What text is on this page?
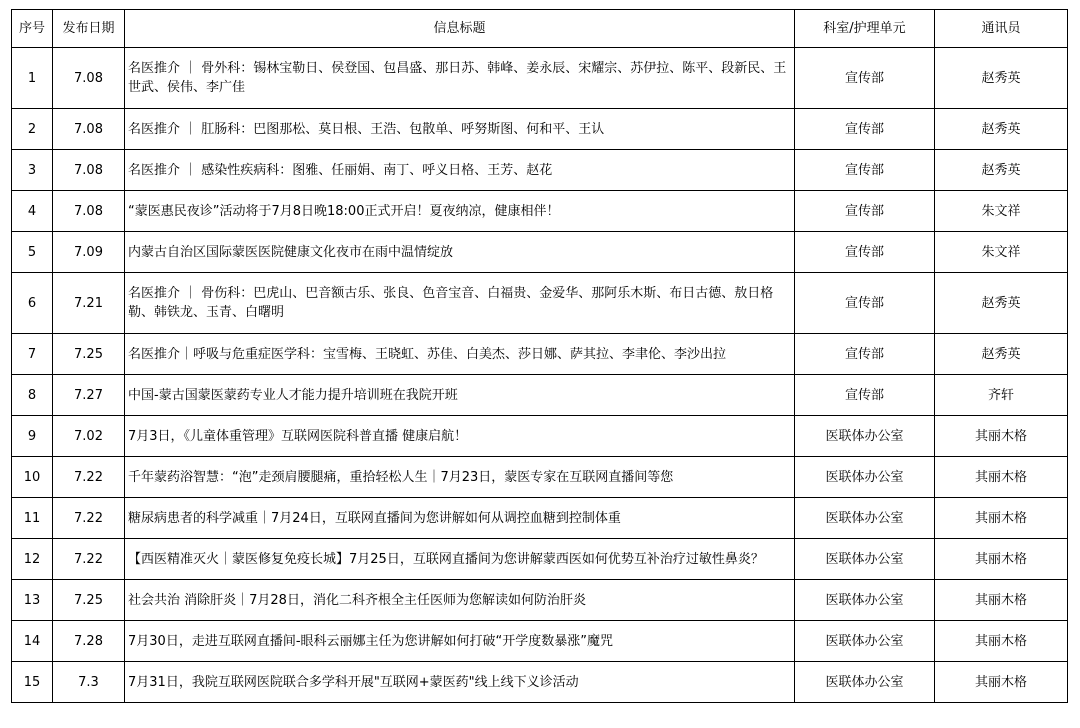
序号	发布日期	信息标题	科室/护理单元	通讯员
1	7.08	名医推介 ｜ 骨外科：锡林宝勒日、侯登国、包昌盛、那日苏、韩峰、姜永辰、宋耀宗、苏伊拉、陈平、段新民、王世武、侯伟、李广佳	宣传部	赵秀英
2	7.08	名医推介 ｜ 肛肠科：巴图那松、莫日根、王浩、包散单、呼努斯图、何和平、王认	宣传部	赵秀英
3	7.08	名医推介 ｜ 感染性疾病科：图雅、任丽娟、南丁、呼义日格、王芳、赵花	宣传部	赵秀英
4	7.08	“蒙医惠民夜诊”活动将于7月8日晚18:00正式开启！夏夜纳凉，健康相伴！	宣传部	朱文祥
5	7.09	内蒙古自治区国际蒙医医院健康文化夜市在雨中温情绽放	宣传部	朱文祥
6	7.21	名医推介 ｜ 骨伤科：巴虎山、巴音额古乐、张良、色音宝音、白福贵、金爱华、那阿乐木斯、布日古德、敖日格勒、韩铁龙、玉青、白曙明	宣传部	赵秀英
7	7.25	名医推介｜呼吸与危重症医学科：宝雪梅、王晓虹、苏佳、白美杰、莎日娜、萨其拉、李聿伦、李沙出拉	宣传部	赵秀英
8	7.27	中国-蒙古国蒙医蒙药专业人才能力提升培训班在我院开班	宣传部	齐轩
9	7.02	7月3日，《儿童体重管理》互联网医院科普直播 健康启航！	医联体办公室	其丽木格
10	7.22	千年蒙药浴智慧：“泡”走颈肩腰腿痛，重拾轻松人生｜7月23日，蒙医专家在互联网直播间等您	医联体办公室	其丽木格
11	7.22	糖尿病患者的科学减重｜7月24日，互联网直播间为您讲解如何从调控血糖到控制体重	医联体办公室	其丽木格
12	7.22	【西医精准灭火｜蒙医修复免疫长城】7月25日，互联网直播间为您讲解蒙西医如何优势互补治疗过敏性鼻炎？	医联体办公室	其丽木格
13	7.25	社会共治 消除肝炎｜7月28日，消化二科齐根全主任医师为您解读如何防治肝炎	医联体办公室	其丽木格
14	7.28	7月30日，走进互联网直播间-眼科云丽娜主任为您讲解如何打破“开学度数暴涨”魔咒	医联体办公室	其丽木格
15	7.3	7月31日，我院互联网医院联合多学科开展"互联网+蒙医药"线上线下义诊活动	医联体办公室	其丽木格
